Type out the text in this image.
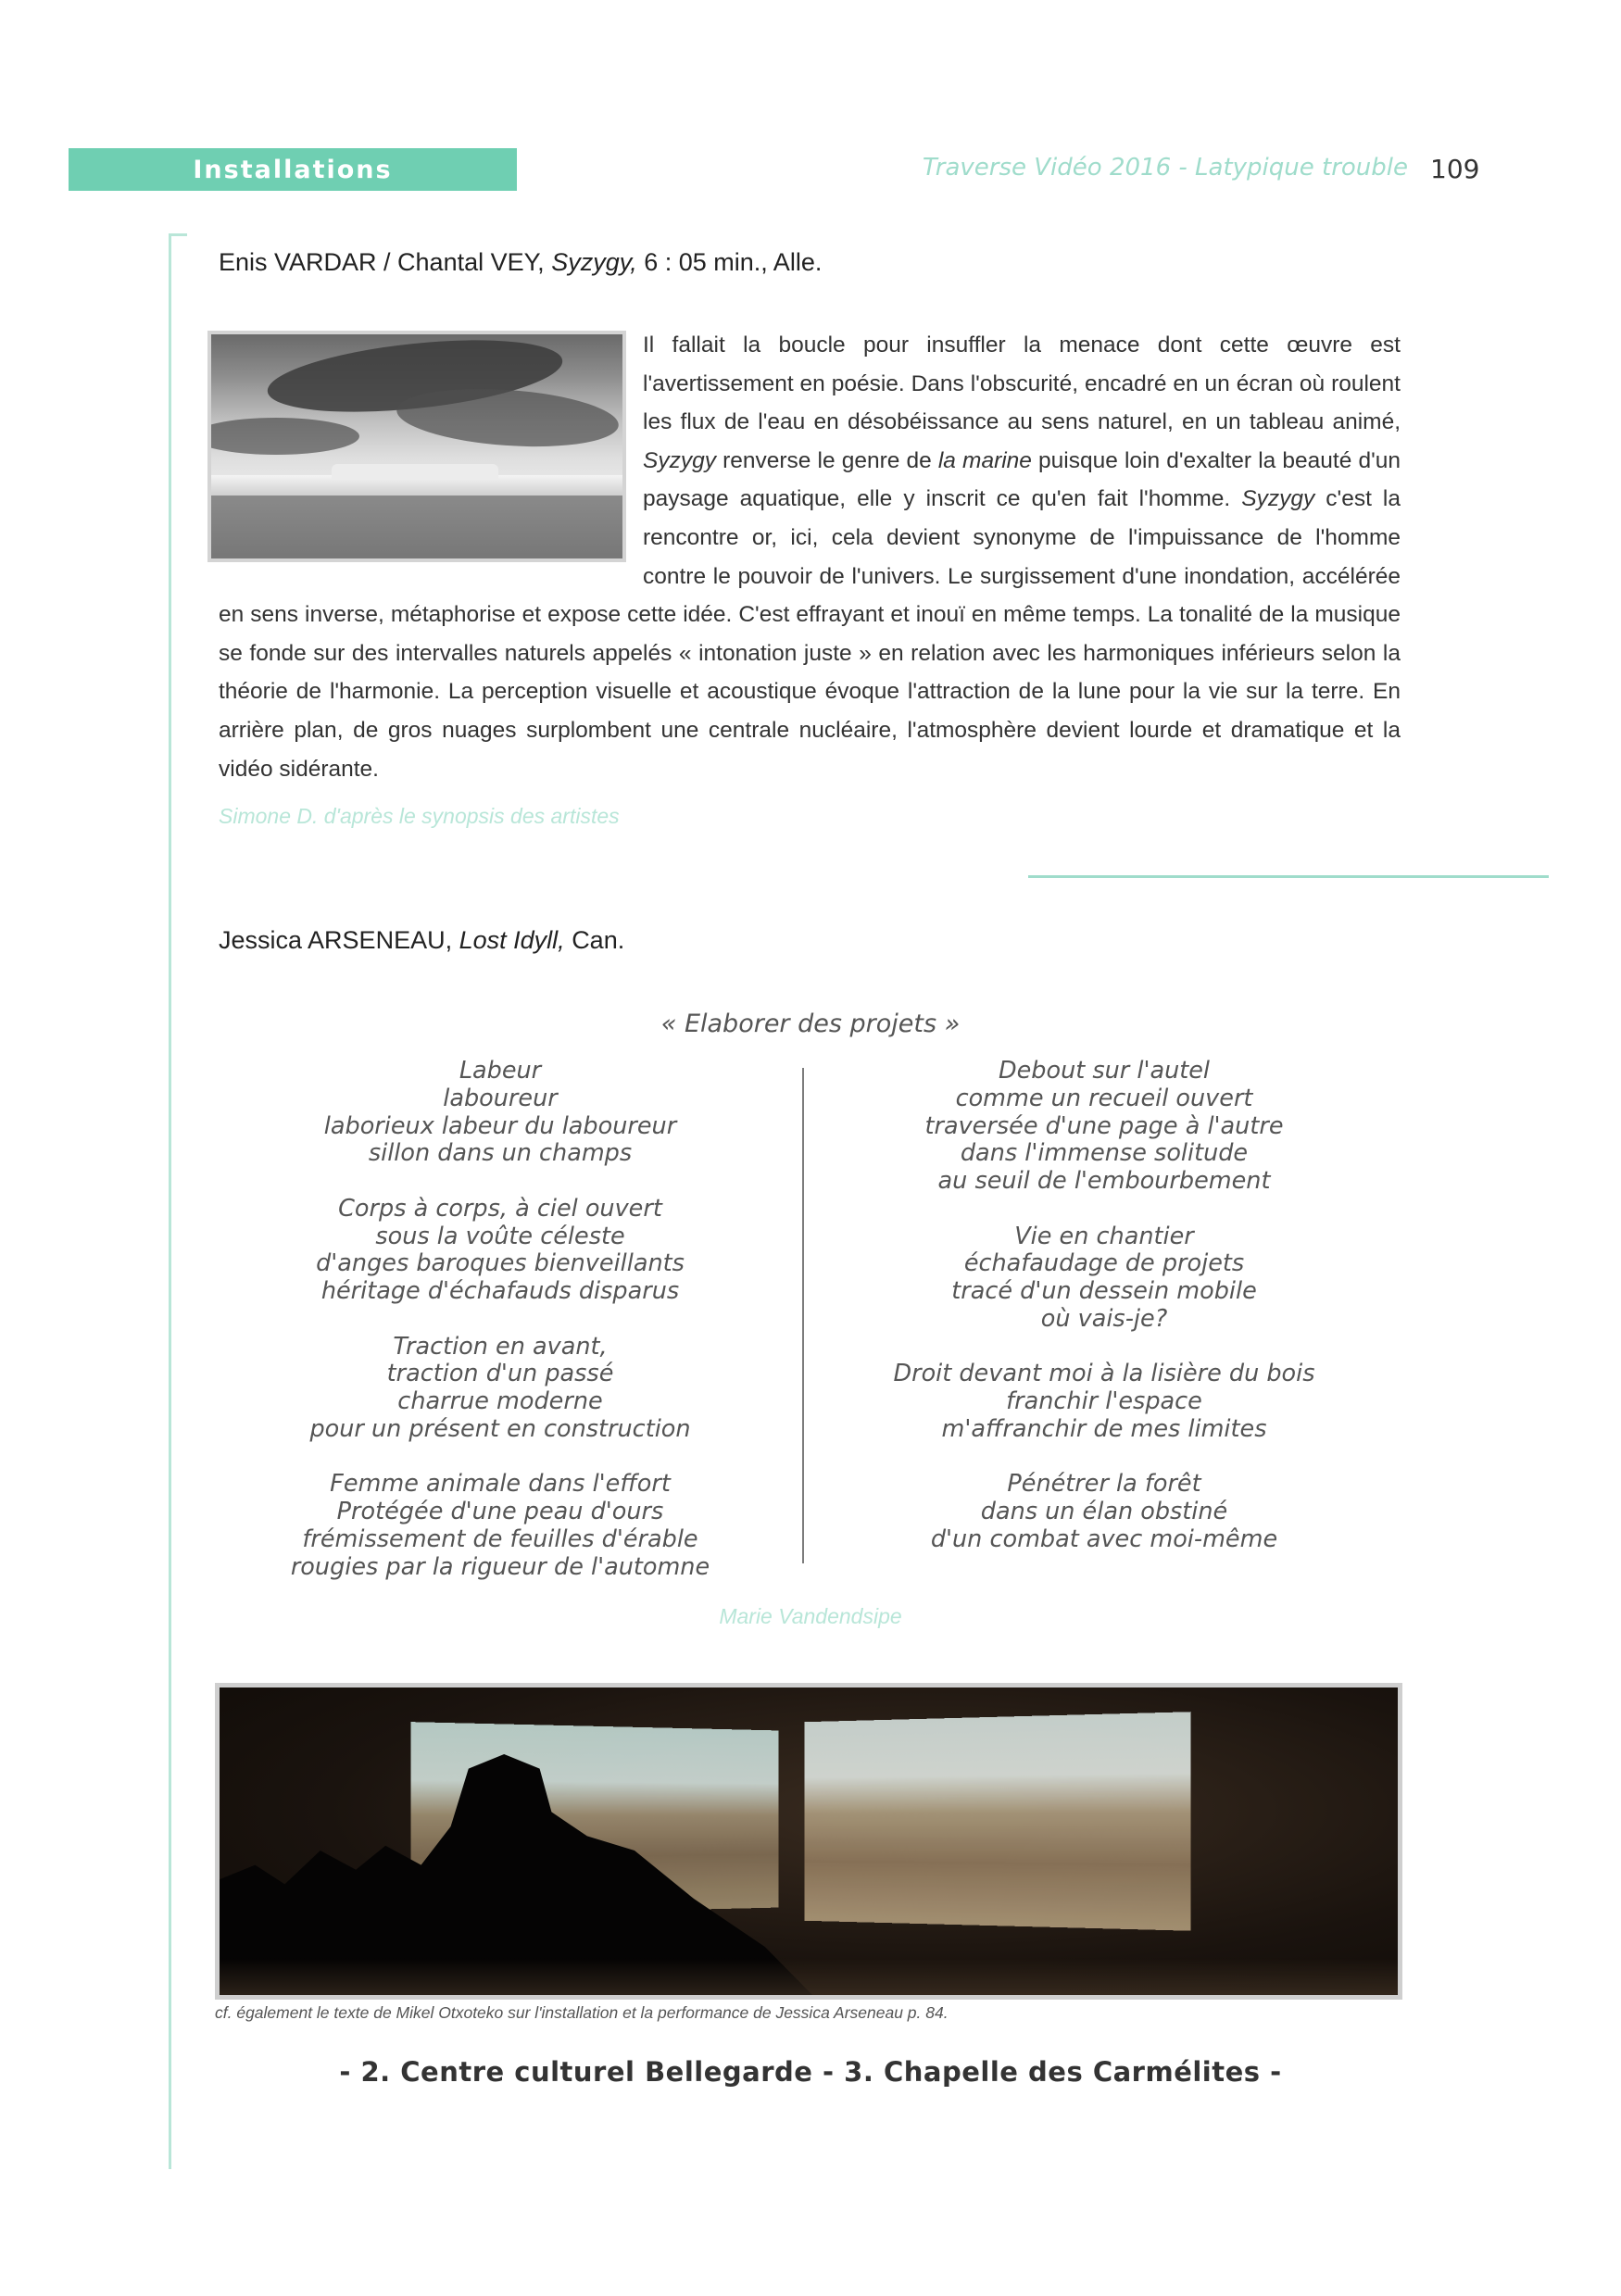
Installations	Traverse Vidéo 2016 - Latypique trouble 109
Enis VARDAR / Chantal VEY, Syzygy, 6 : 05 min., Alle.
Il fallait la boucle pour insuffler la menace dont cette œuvre est l'avertissement en poésie. Dans l'obscurité, encadré en un écran où roulent les flux de l'eau en désobéissance au sens naturel, en un tableau animé, Syzygy renverse le genre de la marine puisque loin d'exalter la beauté d'un paysage aquatique, elle y inscrit ce qu'en fait l'homme. Syzygy c'est la rencontre or, ici, cela devient synonyme de l'impuissance de l'homme contre le pouvoir de l'univers. Le surgissement d'une inondation, accélérée en sens inverse, métaphorise et expose cette idée. C'est effrayant et inouï en même temps. La tonalité de la musique se fonde sur des intervalles naturels appelés « intonation juste » en relation avec les harmoniques inférieurs selon la théorie de l'harmonie. La perception visuelle et acoustique évoque l'attraction de la lune pour la vie sur la terre. En arrière plan, de gros nuages surplombent une centrale nucléaire, l'atmosphère devient lourde et dramatique et la vidéo sidérante.
Simone D. d'après le synopsis des artistes
Jessica ARSENEAU, Lost Idyll, Can.
« Elaborer des projets »
Labeur
laboureur
laborieux labeur du laboureur
sillon dans un champs
Corps à corps, à ciel ouvert
sous la voûte céleste
d'anges baroques bienveillants
héritage d'échafauds disparus
Traction en avant,
traction d'un passé
charrue moderne
pour un présent en construction
Femme animale dans l'effort
Protégée d'une peau d'ours
frémissement de feuilles d'érable
rougies par la rigueur de l'automne
Debout sur l'autel
comme un recueil ouvert
traversée d'une page à l'autre
dans l'immense solitude
au seuil de l'embourbement
Vie en chantier
échafaudage de projets
tracé d'un dessein mobile
où vais-je?
Droit devant moi à la lisière du bois
franchir l'espace
m'affranchir de mes limites
Pénétrer la forêt
dans un élan obstiné
d'un combat avec moi-même
Marie Vandendsipe
cf. également le texte de Mikel Otxoteko sur l'installation et la performance de Jessica Arseneau p. 84.
- 2. Centre culturel Bellegarde - 3. Chapelle des Carmélites -
